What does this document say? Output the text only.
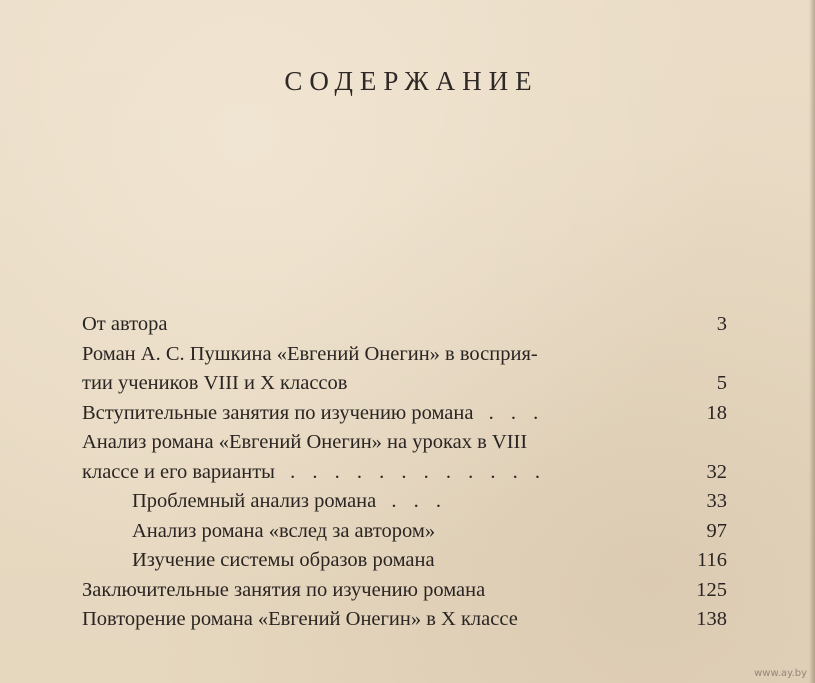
СОДЕРЖАНИЕ
От автора	3
Роман А. С. Пушкина «Евгений Онегин» в восприя-
тии учеников VIII и X классов	5
Вступительные занятия по изучению романа . . .	18
Анализ романа «Евгений Онегин» на уроках в VIII
классе и его варианты . . . . . . . . . . . .	32
Проблемный анализ романа . . .	33
Анализ романа «вслед за автором»	97
Изучение системы образов романа	116
Заключительные занятия по изучению романа	125
Повторение романа «Евгений Онегин» в X классе	138
www.ay.by
